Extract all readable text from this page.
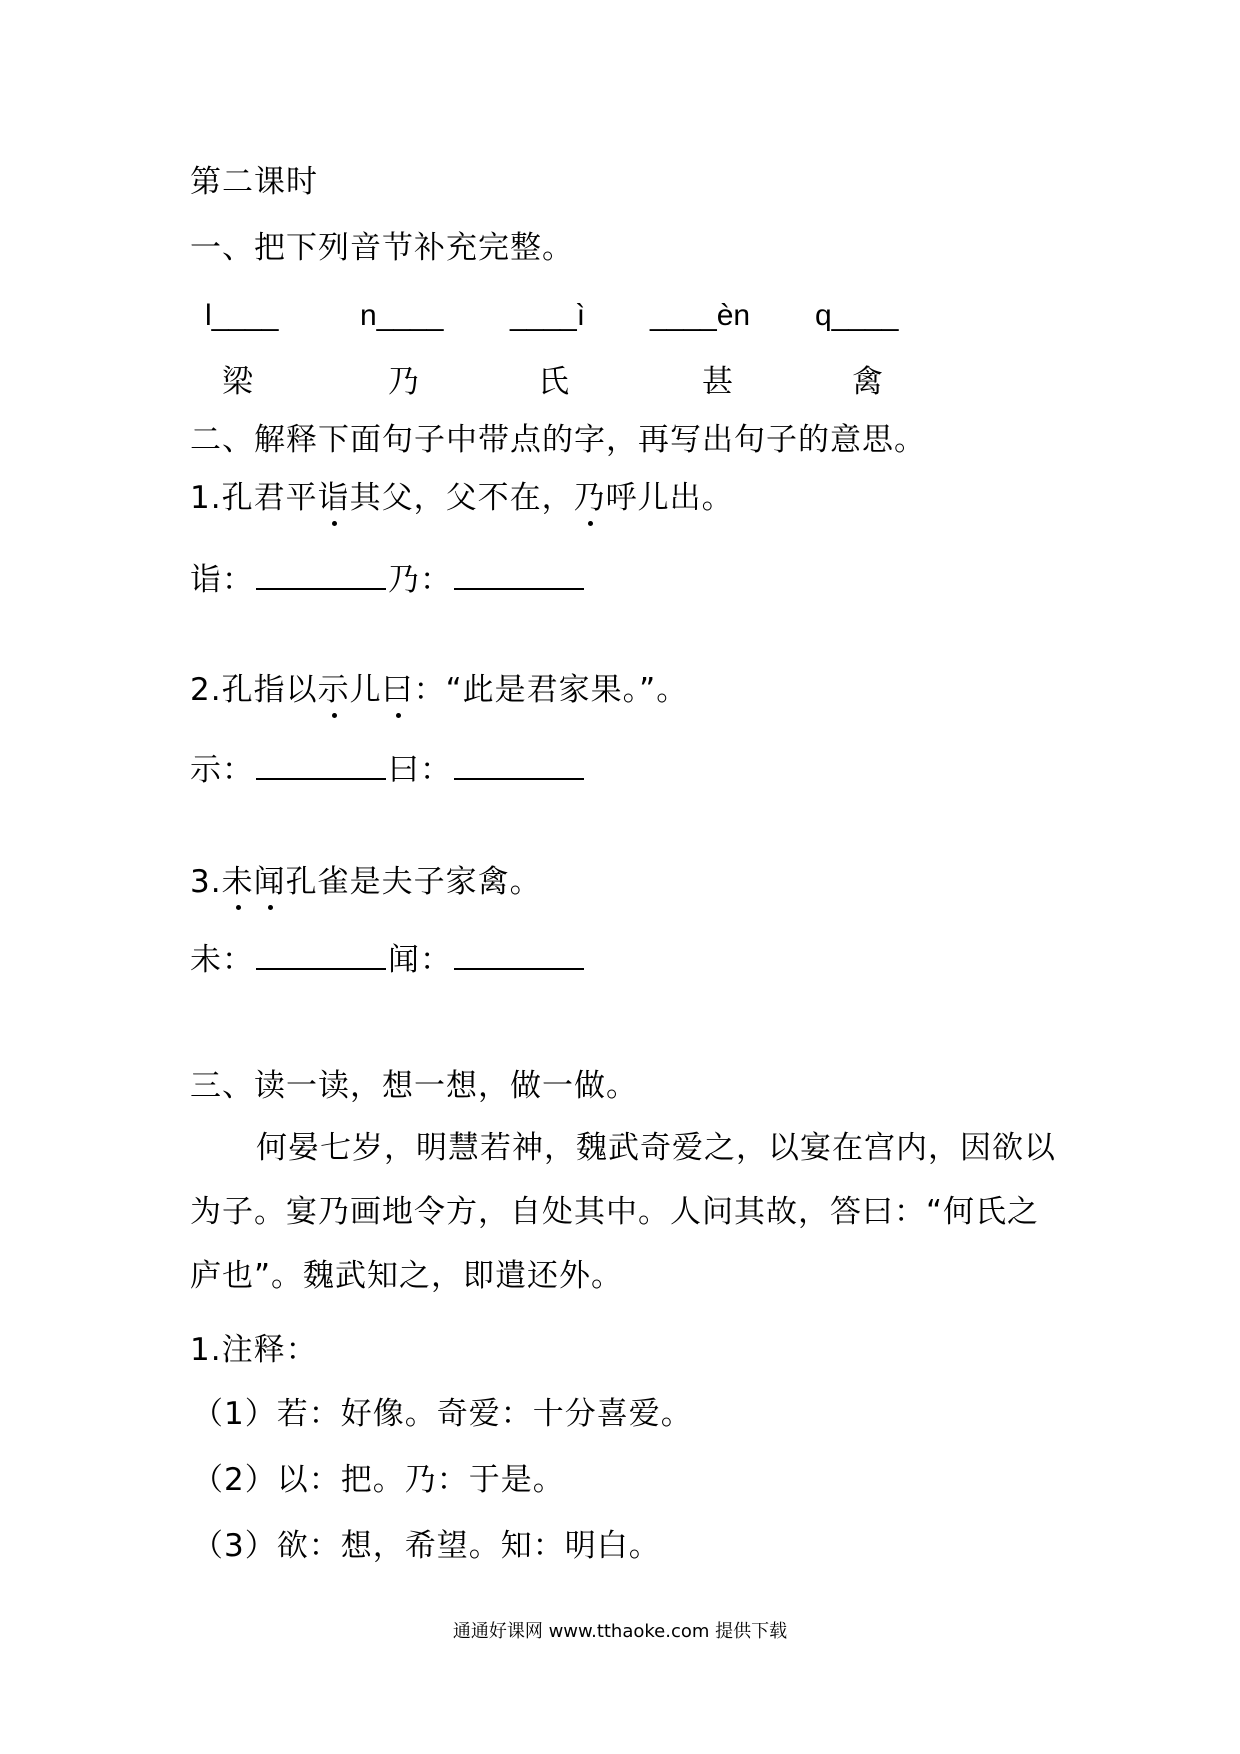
第二课时
一、把下列音节补充完整。
l____	n____ ____ì ____èn q____
梁	乃	氏	甚	禽
二、解释下面句子中带点的字，再写出句子的意思。
1.孔君平诣其父，父不在，乃呼儿出。
诣：	乃：
2.孔指以示儿曰：“此是君家果。”。
示：	曰：
3.未闻孔雀是夫子家禽。
未：	闻：
三、读一读，想一想，做一做。
何晏七岁，明慧若神，魏武奇爱之，以宴在宫内，因欲以为子。宴乃画地令方，自处其中。人问其故，答曰：“何氏之庐也”。魏武知之，即遣还外。
1.注释：
（1）若：好像。奇爱：十分喜爱。
（2）以：把。乃：于是。
（3）欲：想，希望。知：明白。
通通好课网 www.tthaoke.com 提供下载
